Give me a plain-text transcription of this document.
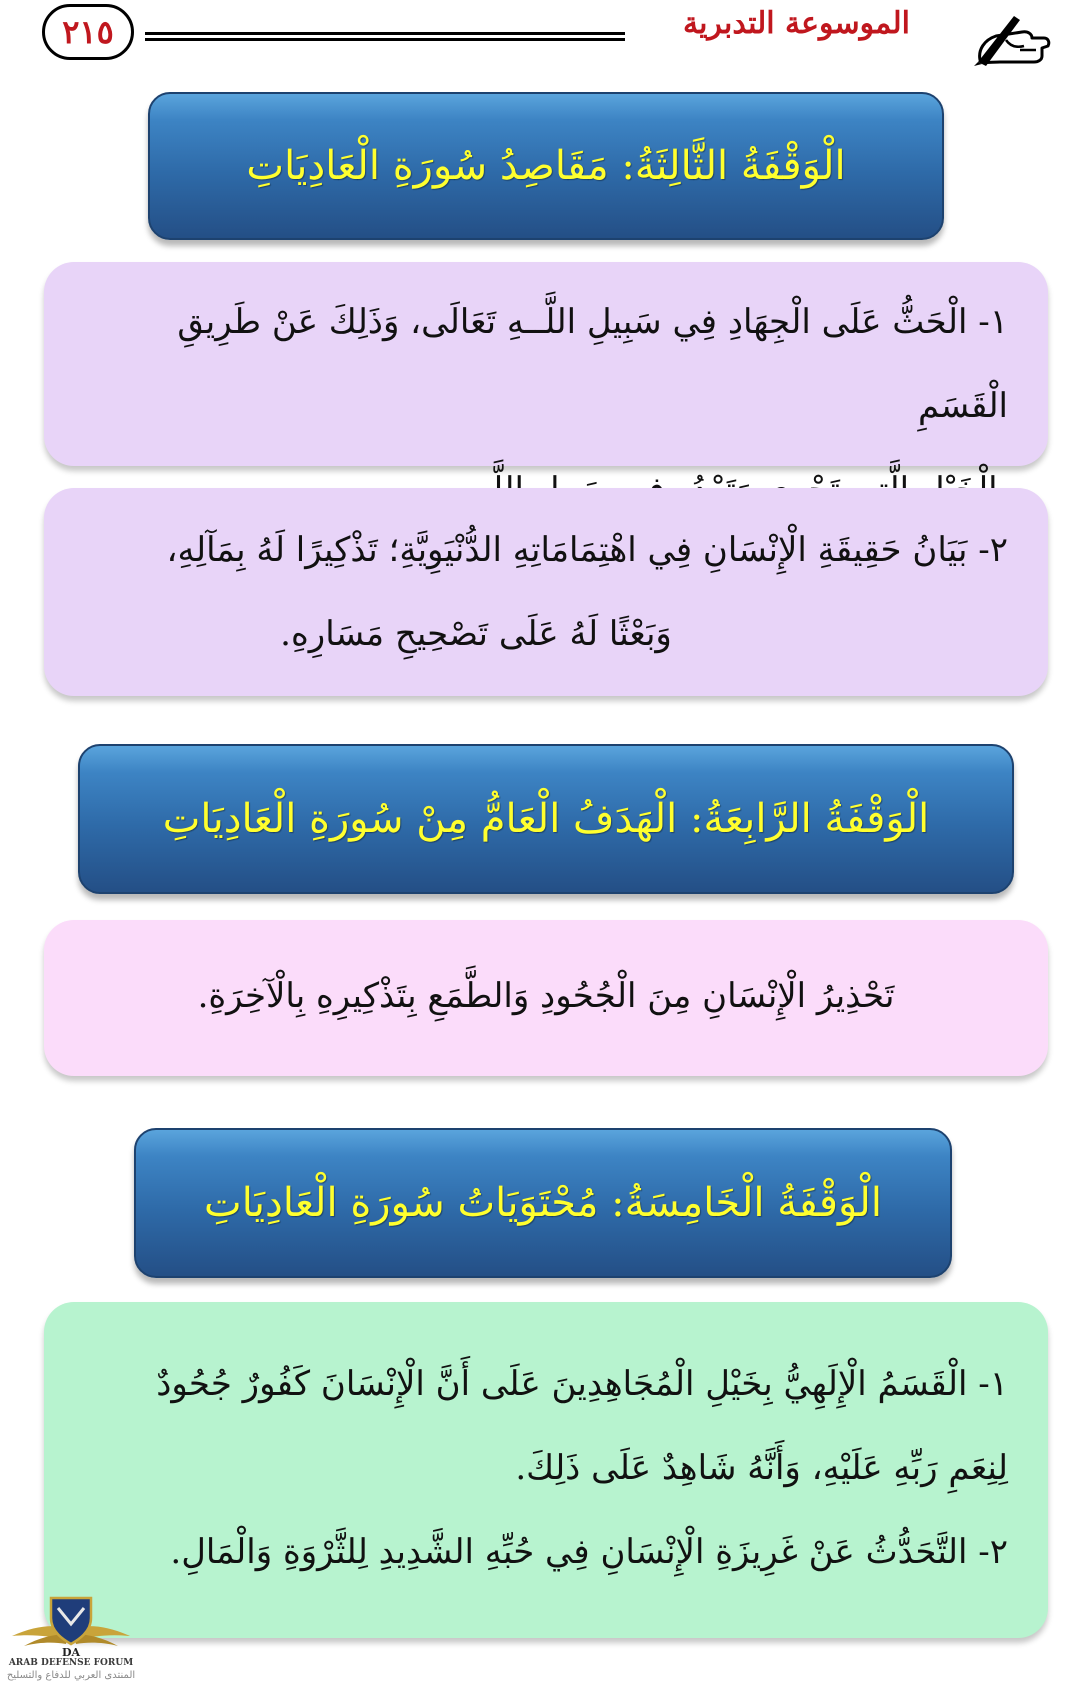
٢١٥	الموسوعة التدبرية
الْوَقْفَةُ الثَّالِثَةُ: مَقَاصِدُ سُورَةِ الْعَادِيَاتِ

١- الْحَثُّ عَلَى الْجِهَادِ فِي سَبِيلِ اللَّــهِ تَعَالَى، وَذَلِكَ عَنْ طَرِيقِ الْقَسَمِ

٢- بَيَانُ حَقِيقَةِ الْإِنْسَانِ فِي اهْتِمَامَاتِهِ الدُّنْيَوِيَّةِ؛ تَذْكِيرًا لَهُ بِمَآلِهِ،

وَبَعْثًا لَهُ عَلَى تَصْحِيحِ مَسَارِهِ.

الْوَقْفَةُ الرَّابِعَةُ: الْهَدَفُ الْعَامُّ مِنْ سُورَةِ الْعَادِيَاتِ

تَحْذِيرُ الْإِنْسَانِ مِنَ الْجُحُودِ وَالطَّمَعِ بِتَذْكِيرِهِ بِالْآخِرَةِ.

الْوَقْفَةُ الْخَامِسَةُ: مُحْتَوَيَاتُ سُورَةِ الْعَادِيَاتِ

١- الْقَسَمُ الْإِلَهِيُّ بِخَيْلِ الْمُجَاهِدِينَ عَلَى أَنَّ الْإِنْسَانَ كَفُورٌ جُحُودٌ

لِنِعَمِ رَبِّهِ عَلَيْهِ، وَأَنَّهُ شَاهِدٌ عَلَى ذَلِكَ.

٢- التَّحَدُّثُ عَنْ غَرِيزَةِ الْإِنْسَانِ فِي حُبِّهِ الشَّدِيدِ لِلثَّرْوَةِ وَالْمَالِ.

DA
ARAB DEFENSE FORUM
المنتدى العربي للدفاع والتسليح
